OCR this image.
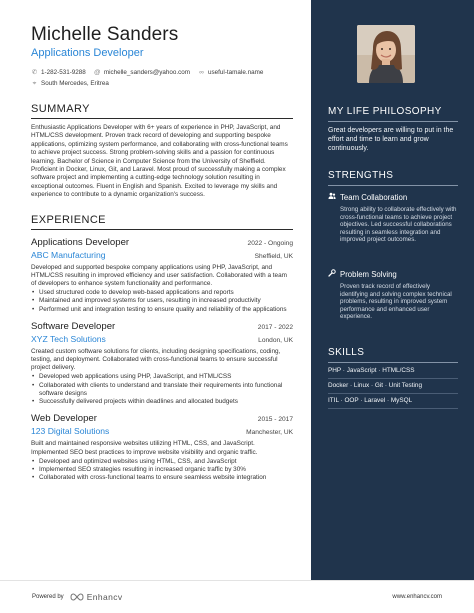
Michelle Sanders
Applications Developer
✆ 1-282-531-9288 @ michelle_sanders@yahoo.com ∞ useful-tamale.name
⌖ South Mercedes, Eritrea
SUMMARY
Enthusiastic Applications Developer with 6+ years of experience in PHP, JavaScript, and HTML/CSS development. Proven track record of developing and supporting bespoke applications, optimizing system performance, and collaborating with cross-functional teams to achieve project success. Strong problem-solving skills and a passion for continuous learning. Bachelor of Science in Computer Science from the University of Sheffield. Proficient in Docker, Linux, Git, and Laravel. Most proud of successfully making a complex software project and implementing a cutting-edge technology solution resulting in exceptional outcomes. Fluent in English and Spanish. Excited to leverage my skills and experience to contribute to a dynamic organization's success.
EXPERIENCE
Applications Developer	2022 - Ongoing
ABC Manufacturing	Sheffield, UK
Developed and supported bespoke company applications using PHP, JavaScript, and HTML/CSS resulting in improved efficiency and user satisfaction. Collaborated with a team of developers to enhance system functionality and performance.
• Used structured code to develop web-based applications and reports
• Maintained and improved systems for users, resulting in increased productivity
• Performed unit and integration testing to ensure quality and reliability of the applications
Software Developer	2017 - 2022
XYZ Tech Solutions	London, UK
Created custom software solutions for clients, including designing specifications, coding, testing, and deployment. Collaborated with cross-functional teams to ensure successful project delivery.
• Developed web applications using PHP, JavaScript, and HTML/CSS
• Collaborated with clients to understand and translate their requirements into functional software designs
• Successfully delivered projects within deadlines and allocated budgets
Web Developer	2015 - 2017
123 Digital Solutions	Manchester, UK
Built and maintained responsive websites utilizing HTML, CSS, and JavaScript. Implemented SEO best practices to improve website visibility and organic traffic.
• Developed and optimized websites using HTML, CSS, and JavaScript
• Implemented SEO strategies resulting in increased organic traffic by 30%
• Collaborated with cross-functional teams to ensure seamless website integration
MY LIFE PHILOSOPHY
Great developers are willing to put in the effort and time to learn and grow continuously.
STRENGTHS
Team Collaboration
Strong ability to collaborate effectively with cross-functional teams to achieve project objectives. Led successful collaborations resulting in seamless integration and improved project outcomes.
Problem Solving
Proven track record of effectively identifying and solving complex technical problems, resulting in improved system performance and enhanced user experience.
SKILLS
PHP · JavaScript · HTML/CSS
Docker · Linux · Git · Unit Testing
ITIL · OOP · Laravel · MySQL
Powered by	Enhancv	www.enhancv.com
